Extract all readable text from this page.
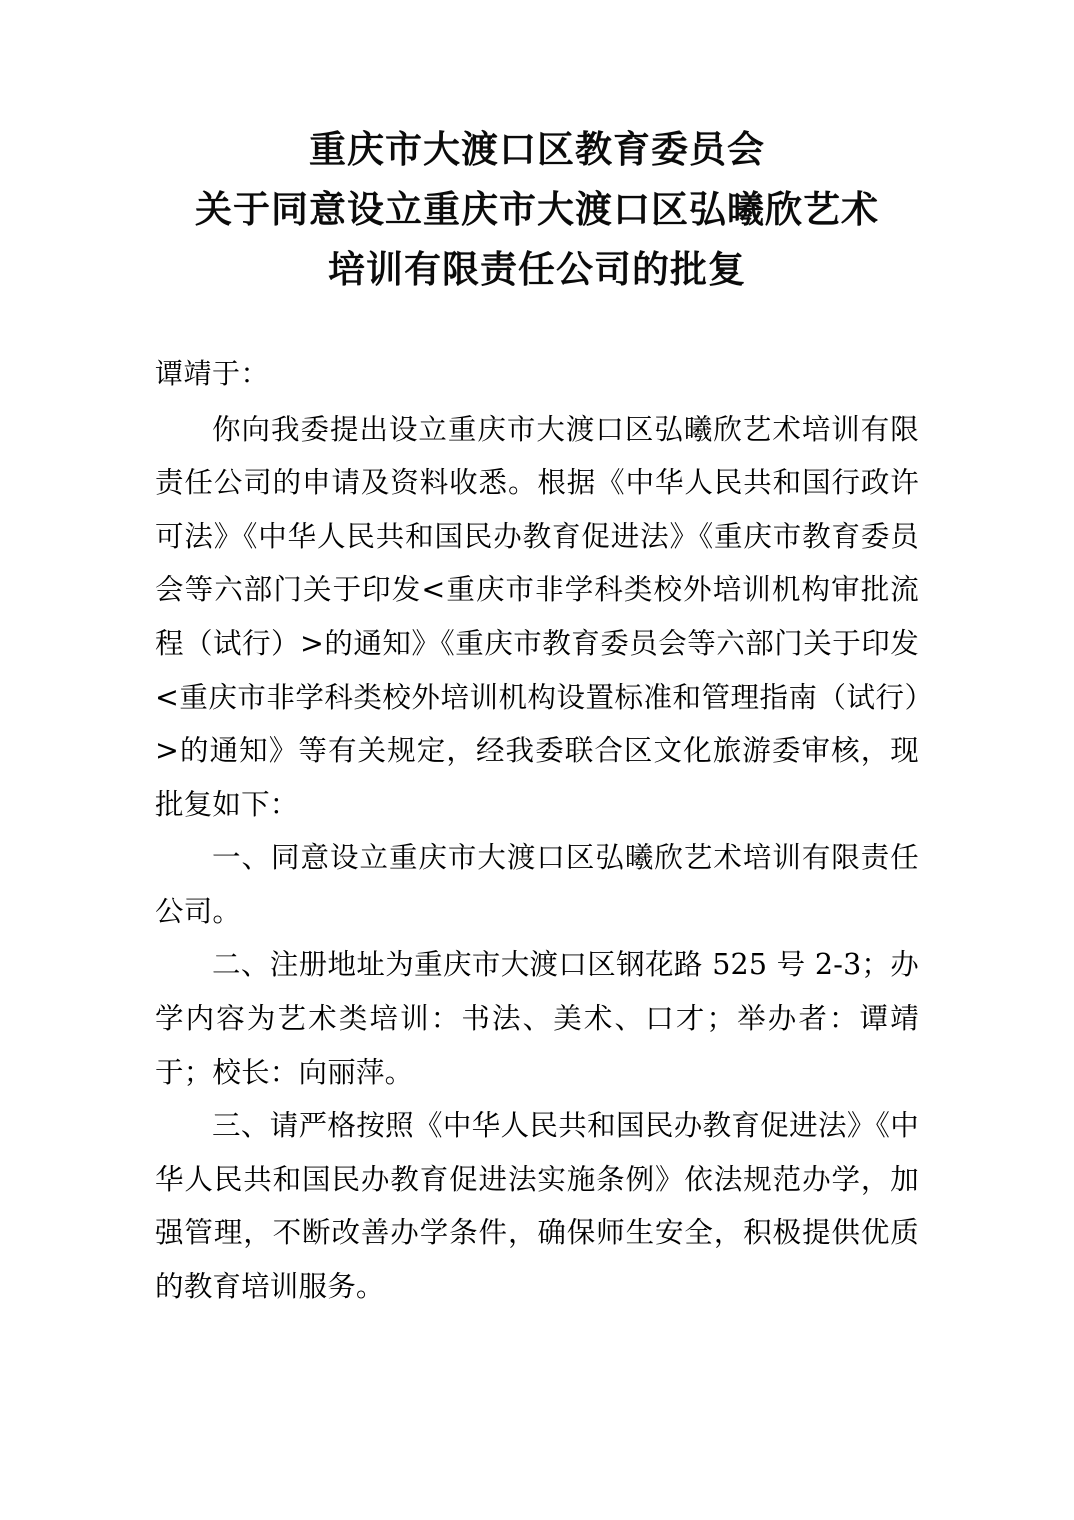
重庆市大渡口区教育委员会
关于同意设立重庆市大渡口区弘曦欣艺术
培训有限责任公司的批复
谭靖于：

你向我委提出设立重庆市大渡口区弘曦欣艺术培训有限责任公司的申请及资料收悉。根据《中华人民共和国行政许可法》《中华人民共和国民办教育促进法》《重庆市教育委员会等六部门关于印发<重庆市非学科类校外培训机构审批流程（试行）>的通知》《重庆市教育委员会等六部门关于印发<重庆市非学科类校外培训机构设置标准和管理指南（试行）>的通知》等有关规定，经我委联合区文化旅游委审核，现批复如下：

一、同意设立重庆市大渡口区弘曦欣艺术培训有限责任公司。

二、注册地址为重庆市大渡口区钢花路 525 号 2-3；办学内容为艺术类培训：书法、美术、口才；举办者：谭靖于；校长：向丽萍。

三、请严格按照《中华人民共和国民办教育促进法》《中华人民共和国民办教育促进法实施条例》依法规范办学，加强管理，不断改善办学条件，确保师生安全，积极提供优质的教育培训服务。
